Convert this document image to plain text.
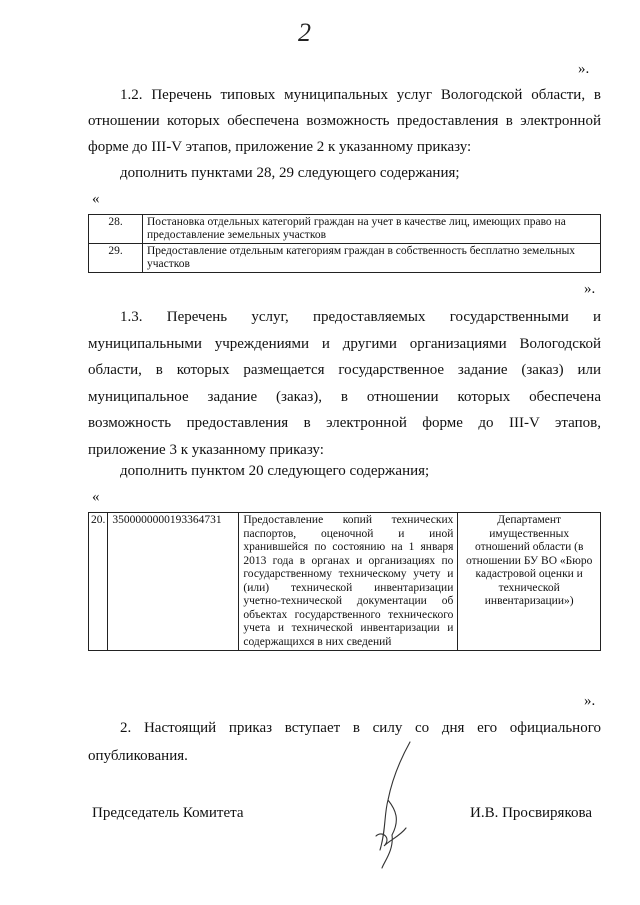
2
».
1.2. Перечень типовых муниципальных услуг Вологодской области, в
отношении которых обеспечена возможность предоставления в электронной
форме до III-V этапов, приложение 2 к указанному приказу:
дополнить пунктами 28, 29 следующего содержания;
«
28.	Постановка отдельных категорий граждан на учет в качестве лиц, имеющих право на предоставление земельных участков
29.	Предоставление отдельным категориям граждан в собственность бесплатно земельных участков
».
1.3. Перечень услуг, предоставляемых государственными и
муниципальными учреждениями и другими организациями Вологодской
области, в которых размещается государственное задание (заказ) или
муниципальное задание (заказ), в отношении которых обеспечена
возможность предоставления в электронной форме до III-V этапов,
приложение 3 к указанному приказу:
дополнить пунктом 20 следующего содержания;
«
20.	3500000000193364731	Предоставление копий технических паспортов, оценочной и иной хранившейся по состоянию на 1 января 2013 года в органах и организациях по государственному техническому учету и (или) технической инвентаризации учетно-технической документации об объектах государственного технического учета и технической инвентаризации и содержащихся в них сведений	Департамент имущественных отношений области (в отношении БУ ВО «Бюро кадастровой оценки и технической инвентаризации»)
».
2. Настоящий приказ вступает в силу со дня его официального
опубликования.
Председатель Комитета	И.В. Просвирякова
